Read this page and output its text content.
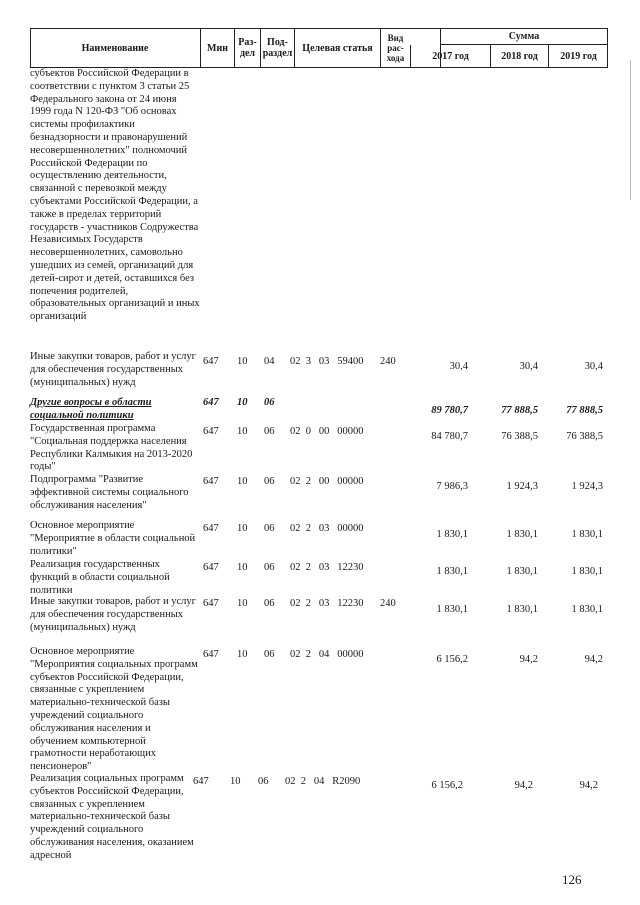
Наименование	Мин	Раз-
дел
Под-
раздел	Целевая статья
Вид
рас-
хода
Сумма
2017 год	2018 год	2019 год
субъектов Российской Федерации в соответствии с пунктом 3 статьи 25 Федерального закона от 24 июня 1999 года N 120-ФЗ "Об основах системы профилактики безнадзорности и правонарушений несовершеннолетних" полномочий Российской Федерации по осуществлению деятельности, связанной с перевозкой между субъектами Российской Федерации, а также в пределах территорий государств - участников Содружества Независимых Государств несовершеннолетних, самовольно ушедших из семей, организаций для детей-сирот и детей, оставшихся без попечения родителей, образовательных организаций и иных организаций
Иные закупки товаров, работ и услуг для обеспечения государственных (муниципальных) нужд
647 10 04 02  3   03   59400 240	30,4	30,4	30,4
Другие вопросы в области социальной политики
647 10 06
89 780,7	77 888,5	77 888,5
Государственная программа "Социальная поддержка населения Республики Калмыкия на 2013-2020 годы"
647 10 06 02  0   00   00000	84 780,7	76 388,5	76 388,5
Подпрограмма "Развитие эффективной системы социального обслуживания населения"
647 10 06 02  2   00   00000	7 986,3	1 924,3	1 924,3
Основное мероприятие "Мероприятие в области социальной политики"
647 10 06 02  2   03   00000
1 830,1	1 830,1	1 830,1
Реализация государственных функций в области социальной политики
647 10 06 02  2   03   12230	1 830,1	1 830,1	1 830,1
Иные закупки товаров, работ и услуг для обеспечения государственных (муниципальных) нужд
647 10 06 02  2   03   12230 240
1 830,1	1 830,1	1 830,1
Основное мероприятие "Мероприятия социальных программ субъектов Российской Федерации, связанные с укреплением материально-технической базы учреждений социального обслуживания населения и обучением компьютерной грамотности неработающих пенсионеров"
647 10 06 02  2   04   00000	6 156,2	94,2	94,2
Реализация социальных программ субъектов Российской Федерации, связанных с укреплением материально-технической базы учреждений социального обслуживания населения, оказанием адресной
647 10 06 02  2   04   R2090	6 156,2	94,2	94,2
126
